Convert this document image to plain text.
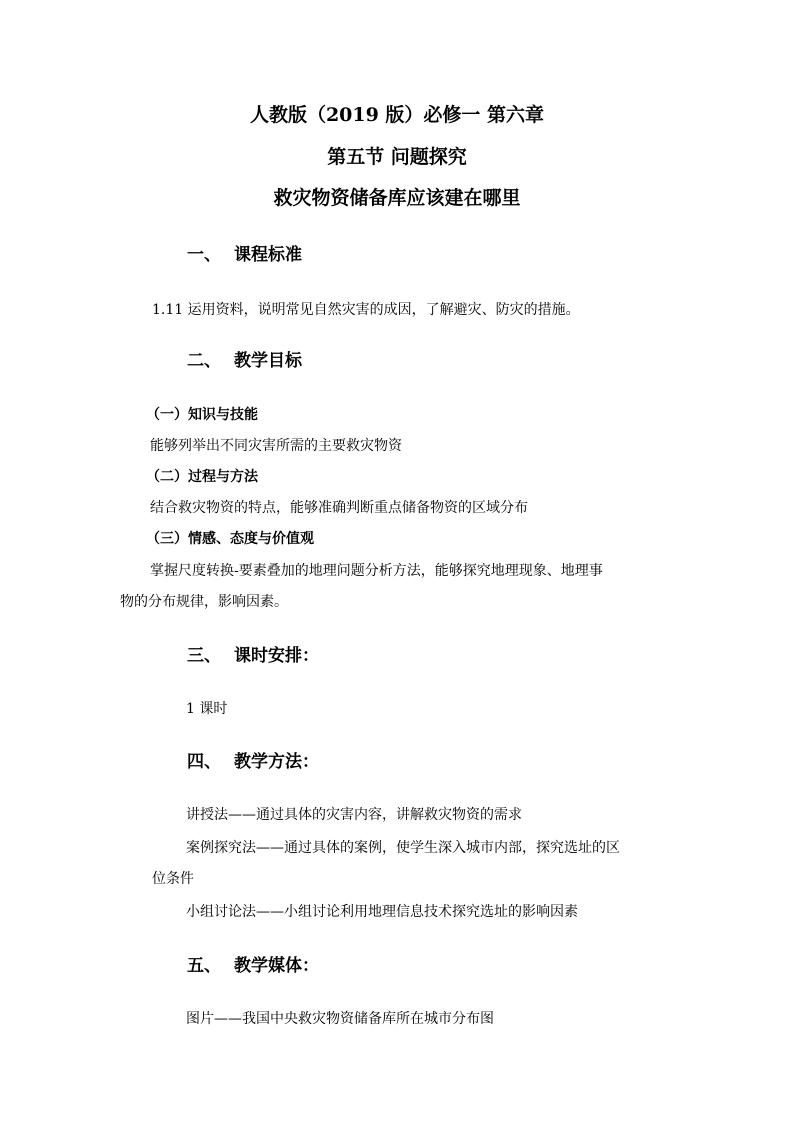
人教版（2019 版）必修一 第六章

第五节 问题探究

救灾物资储备库应该建在哪里

一、 课程标准

1.11 运用资料，说明常见自然灾害的成因，了解避灾、防灾的措施。

二、 教学目标

（一）知识与技能

能够列举出不同灾害所需的主要救灾物资

（二）过程与方法

结合救灾物资的特点，能够准确判断重点储备物资的区域分布

（三）情感、态度与价值观

掌握尺度转换-要素叠加的地理问题分析方法，能够探究地理现象、地理事

物的分布规律，影响因素。

三、 课时安排：

1 课时

四、 教学方法：

讲授法——通过具体的灾害内容，讲解救灾物资的需求

案例探究法——通过具体的案例，使学生深入城市内部，探究选址的区

位条件

小组讨论法——小组讨论利用地理信息技术探究选址的影响因素

五、 教学媒体：

图片——我国中央救灾物资储备库所在城市分布图
